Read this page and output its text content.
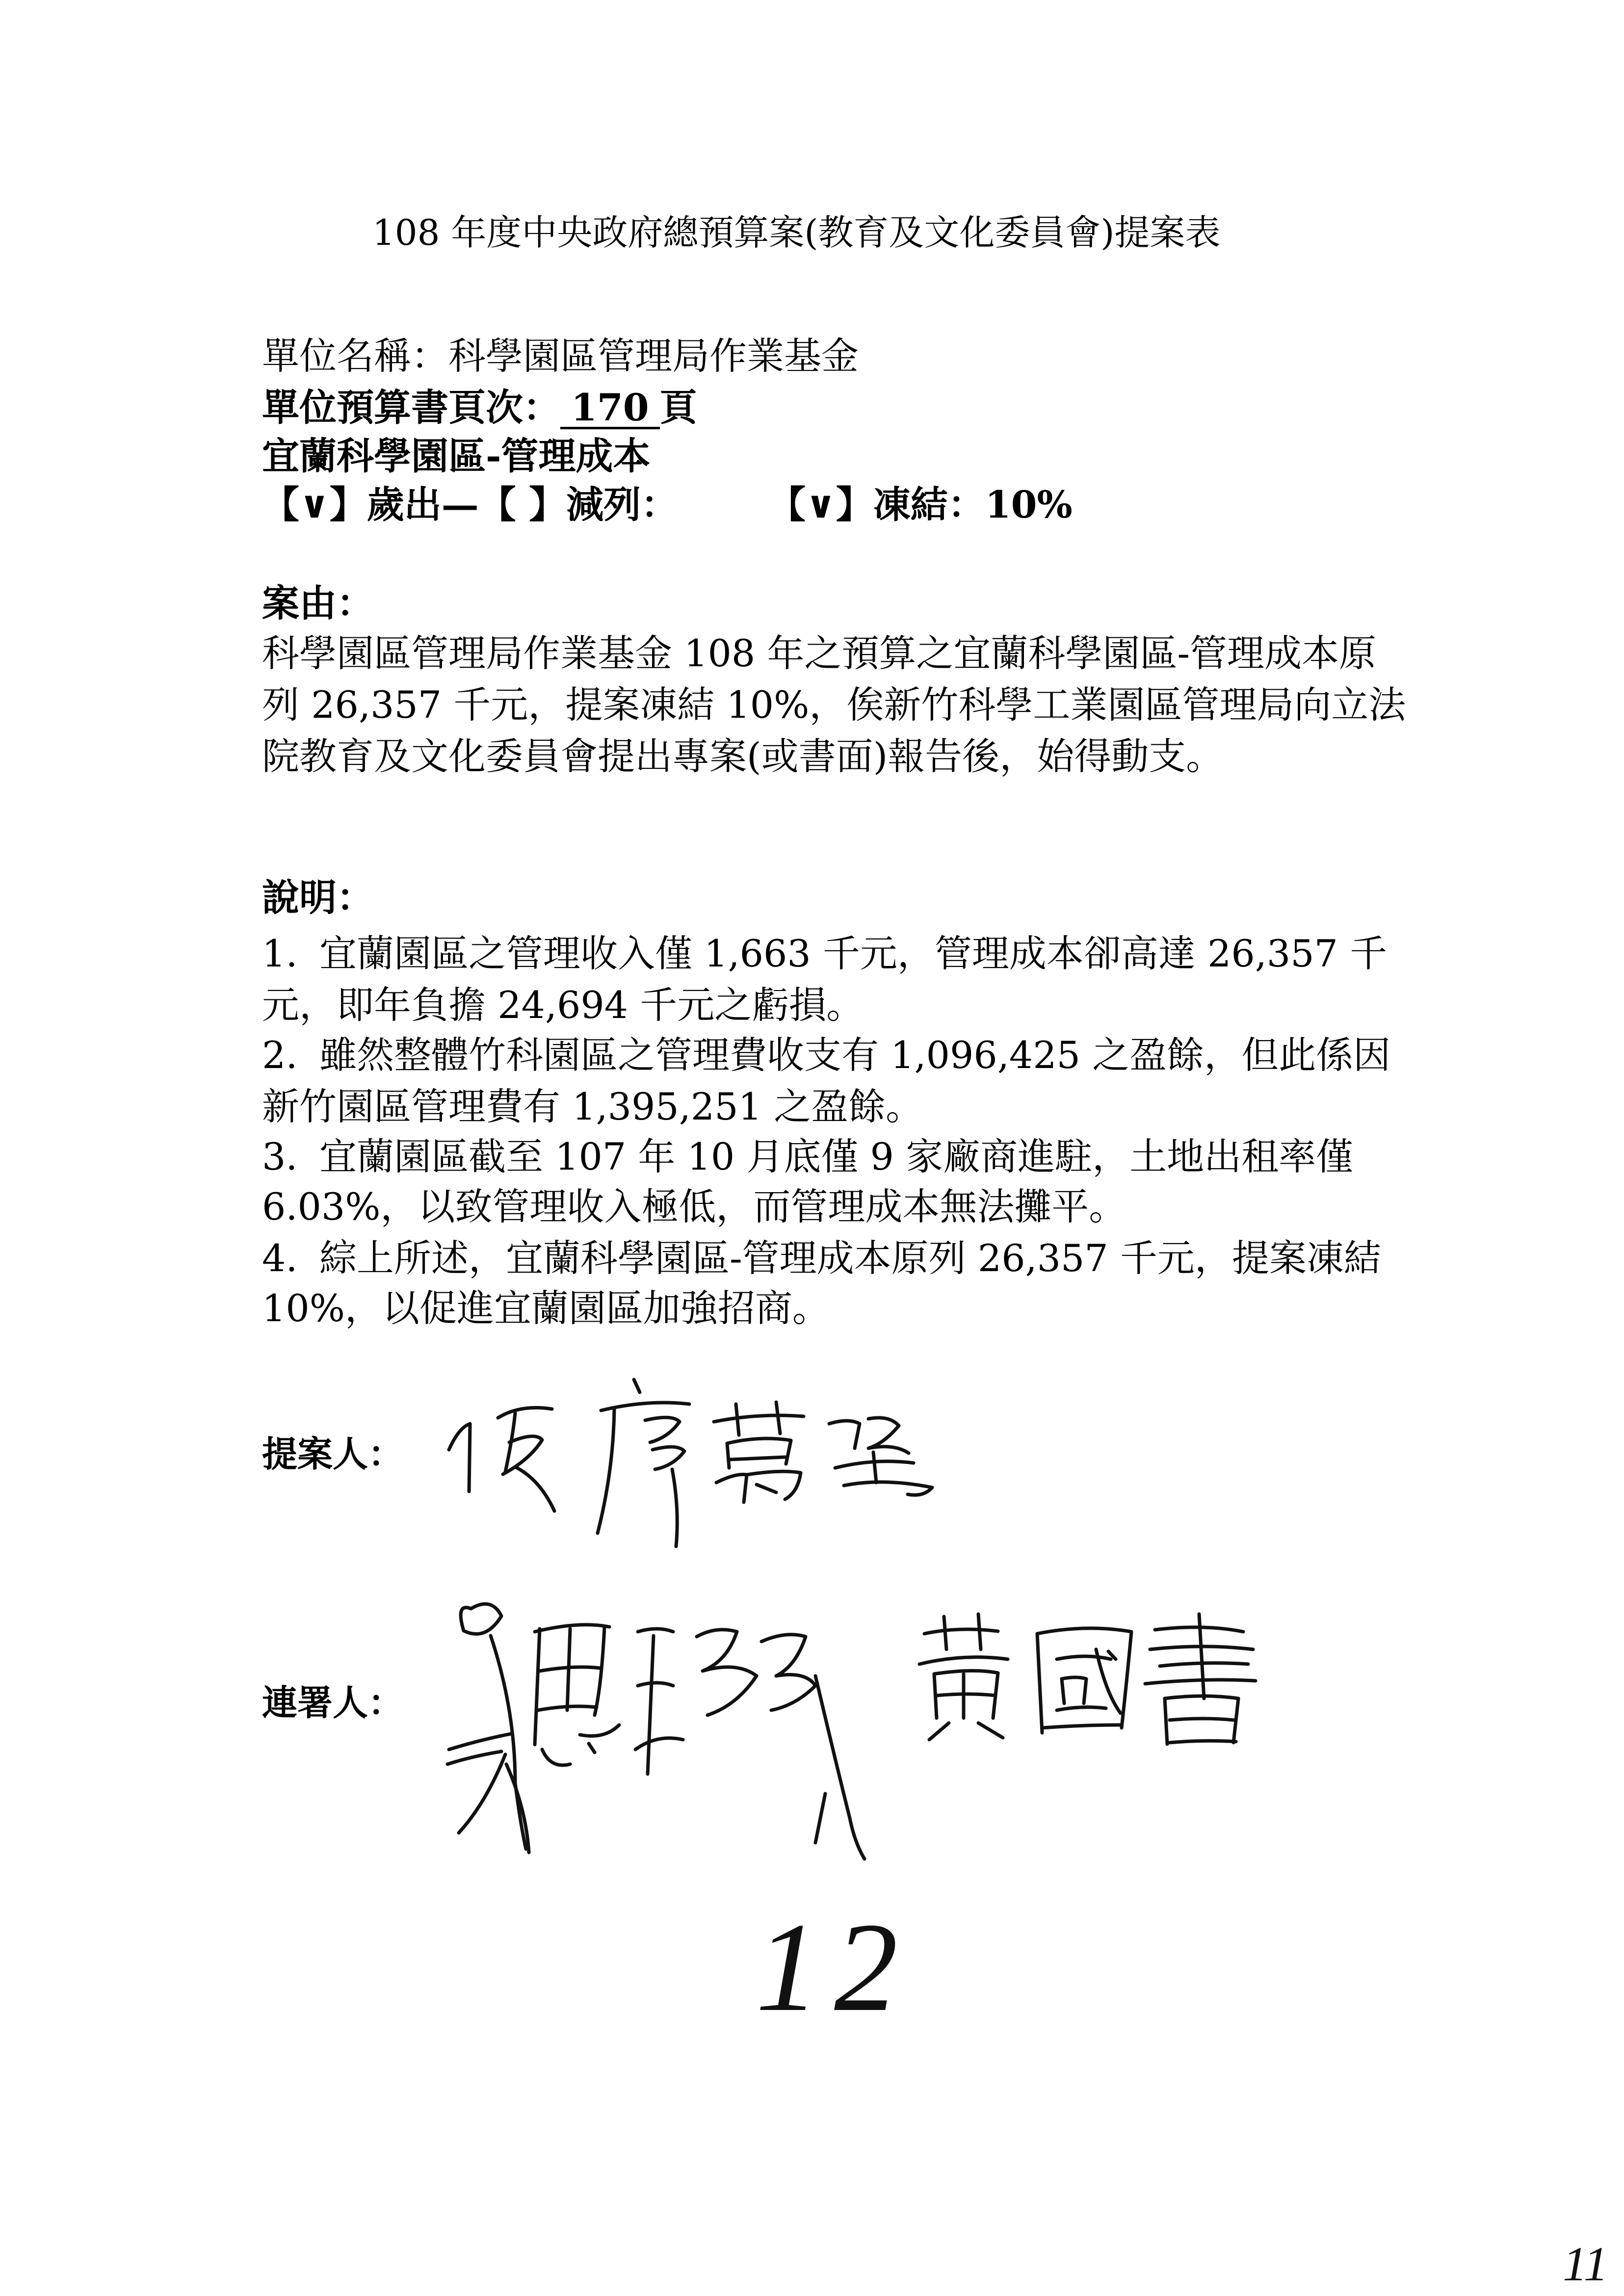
108 年度中央政府總預算案(教育及文化委員會)提案表
單位名稱：科學園區管理局作業基金
單位預算書頁次： 170 頁
宜蘭科學園區-管理成本
【∨】歲出—【 】減列： 【∨】凍結：10%
案由：
科學園區管理局作業基金 108 年之預算之宜蘭科學園區-管理成本原
列 26,357 千元，提案凍結 10%，俟新竹科學工業園區管理局向立法
院教育及文化委員會提出專案(或書面)報告後，始得動支。
說明：
1. 宜蘭園區之管理收入僅 1,663 千元，管理成本卻高達 26,357 千
元，即年負擔 24,694 千元之虧損。
2. 雖然整體竹科園區之管理費收支有 1,096,425 之盈餘，但此係因
新竹園區管理費有 1,395,251 之盈餘。
3. 宜蘭園區截至 107 年 10 月底僅 9 家廠商進駐，土地出租率僅
6.03%，以致管理收入極低，而管理成本無法攤平。
4. 綜上所述，宜蘭科學園區-管理成本原列 26,357 千元，提案凍結
10%，以促進宜蘭園區加強招商。
提案人：
連署人：
12
11
